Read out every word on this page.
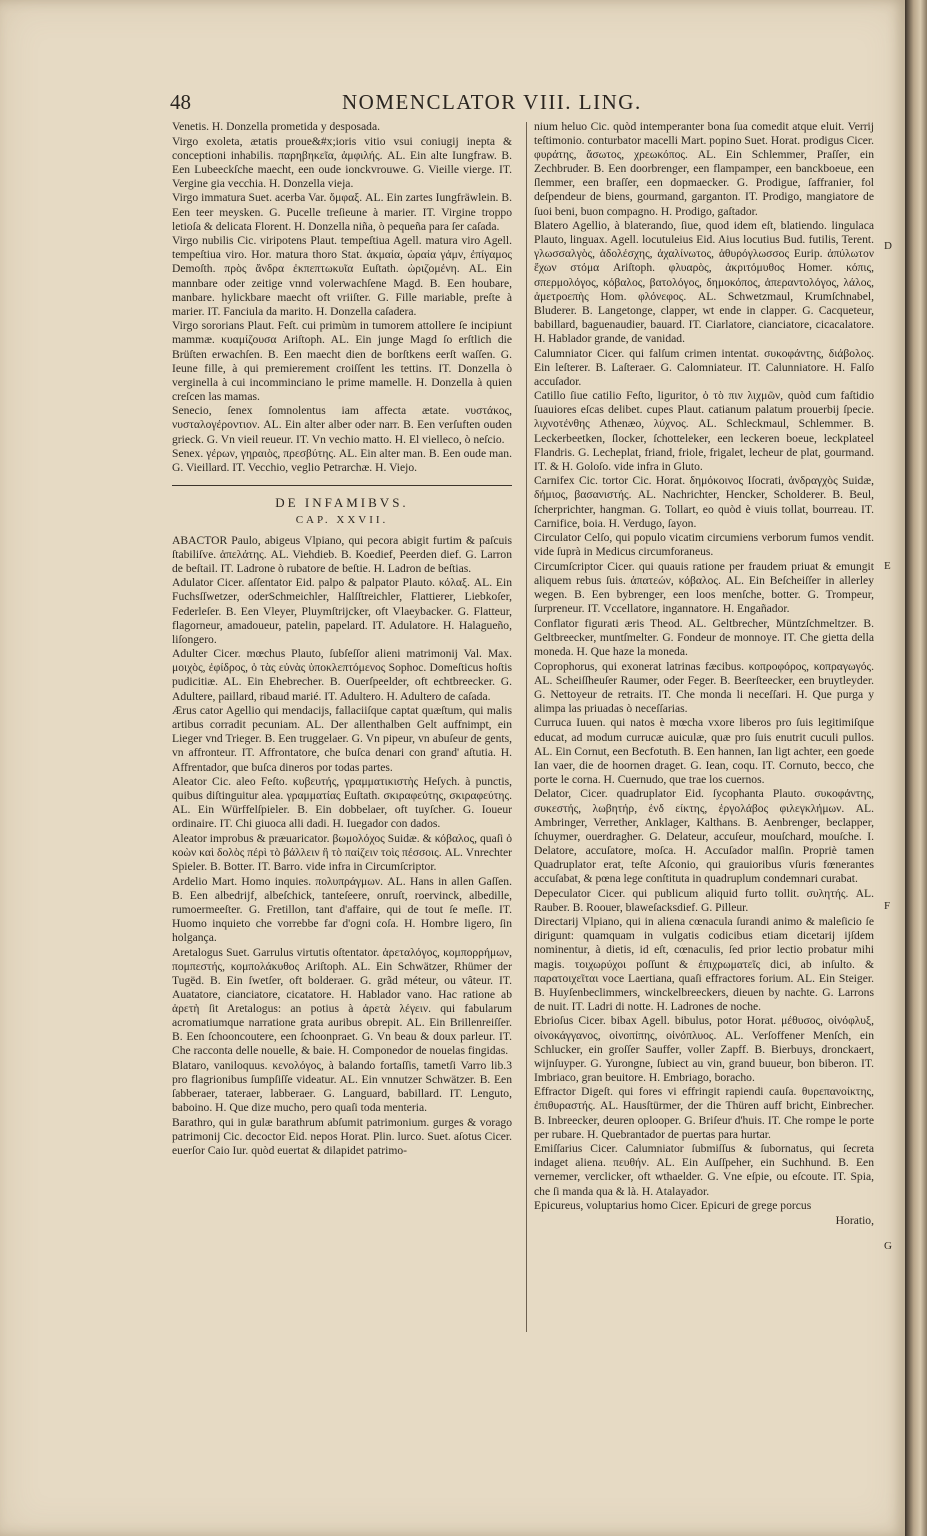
48	NOMENCLATOR VIII. LING.
Venetis. H. Donzella prometida y desposada.
Virgo exoleta, ætatis proue&#x;ioris vitio vsui coniugij inepta & conceptioni inhabilis. παρηβηκεῖα, ἀμφιλής. AL. Ein alte Iungfraw. B. Een Lubeeckſche maecht, een oude ionckvrouwe. G. Vieille vierge. IT. Vergine gia vecchia. H. Donzella vieja.
Virgo immatura Suet. acerba Var. ὄμφαξ. AL. Ein zartes Iungfräwlein. B. Een teer meysken. G. Pucelle treſieune à marier. IT. Virgine troppo letioſa & delicata Florent. H. Donzella niña, ò pequeña para ſer caſada.
Virgo nubilis Cic. viripotens Plaut. tempeſtiua Agell. matura viro Agell. tempeſtiua viro. Hor. matura thoro Stat. ἀκμαία, ὡραία γάμν, ἐπίγαμος Demoſth. πρὸς ἄνδρα ἐκπεπτωκυῖα Euſtath. ὡριζομένη. AL. Ein mannbare oder zeitige vnnd volerwachſene Magd. B. Een houbare, manbare. hylickbare maecht oft vriiſter. G. Fille mariable, preſte à marier. IT. Fanciula da marito. H. Donzella caſadera.
Virgo sororians Plaut. Feſt. cui primùm in tumorem attollere ſe incipiunt mammæ. κυαμίζουσα Ariſtoph. AL. Ein junge Magd ſo erſtlich die Brüſten erwachſen. B. Een maecht dien de borſtkens eerſt waſſen. G. Ieune fille, à qui premierement croiſſent les tettins. IT. Donzella ò verginella à cui incomminciano le prime mamelle. H. Donzella à quien creſcen las mamas.
Senecio, ſenex ſomnolentus iam affecta ætate. νυστάκος, νυσταλογέροντιον. AL. Ein alter alber oder narr. B. Een verſuften ouden grieck. G. Vn vieil reueur. IT. Vn vechio matto. H. El vielleco, ò neſcio.
Senex. γέρων, γηραιὸς, πρεσβύτης. AL. Ein alter man. B. Een oude man. G. Vieillard. IT. Vecchio, veglio Petrarchæ. H. Viejo.
DE INFAMIBVS.
CAP. XXVII.
ABACTOR Paulo, abigeus Vlpiano, qui pecora abigit furtim & paſcuis ſtabiliſve. ἀπελάτης. AL. Viehdieb. B. Koedief, Peerden dief. G. Larron de beſtail. IT. Ladrone ò rubatore de beſtie. H. Ladron de beſtias.
Adulator Cicer. aſſentator Eid. palpo & palpator Plauto. κόλαξ. AL. Ein Fuchsſſwetzer, oderSchmeichler, Halſſtreichler, Flattierer, Liebkoſer, Federleſer. B. Een Vleyer, Pluymſtrijcker, oft Vlaeybacker. G. Flatteur, flagorneur, amadoueur, patelin, papelard. IT. Adulatore. H. Halagueño, liſongero.
Adulter Cicer. mœchus Plauto, ſubſeſſor alieni matrimonij Val. Max. μοιχὸς, ἐφίδρος, ὁ τὰς εὐνὰς ὑποκλεπτόμενος Sophoc. Domeſticus hoſtis pudicitiæ. AL. Ein Ehebrecher. B. Ouerſpeelder, oft echtbreecker. G. Adultere, paillard, ribaud marié. IT. Adultero. H. Adultero de caſada.
Ærus cator Agellio qui mendacijs, fallaciiſque captat quæſtum, qui malis artibus corradit pecuniam. AL. Der allenthalben Gelt auffnimpt, ein Lieger vnd Trieger. B. Een truggelaer. G. Vn pipeur, vn abuſeur de gents, vn affronteur. IT. Affrontatore, che buſca denari con grand' aſtutia. H. Affrentador, que buſca dineros por todas partes.
Aleator Cic. aleo Feſto. κυβευτής, γραμματικιστὴς Heſych. à punctis, quibus diſtinguitur alea. γραμματίας Euſtath. σκιραφεύτης, σκιραφεύτης. AL. Ein Würffelſpieler. B. Ein dobbelaer, oft tuyſcher. G. Ioueur ordinaire. IT. Chi giuoca alli dadi. H. Iuegador con dados.
Aleator improbus & præuaricator. βωμολόχος Suidæ. & κόβαλος, quaſi ὁ κοὼν καὶ δολὸς πέρὶ τὸ βάλλειν ἢ τὸ παίζειν τοὶς πέσσοις. AL. Vnrechter Spieler. B. Botter. IT. Barro. vide infra in Circumſcriptor.
Ardelio Mart. Homo inquies. πολυπράγμων. AL. Hans in allen Gaſſen. B. Een albedrijf, albeſchick, tanteſeere, onruſt, roervinck, albedille, rumoermeeſter. G. Fretillon, tant d'affaire, qui de tout ſe meſle. IT. Huomo inquieto che vorrebbe far d'ogni coſa. H. Hombre ligero, ſin holgança.
Aretalogus Suet. Garrulus virtutis oſtentator. ἀρεταλόγος, κομπορρήμων, πομπεστής, κομπολάκυθος Ariſtoph. AL. Ein Schwätzer, Rhümer der Tugëd. B. Ein ſwetſer, oft bolderaer. G. grãd méteur, ou vâteur. IT. Auatatore, cianciatore, cicatatore. H. Hablador vano. Hac ratione ab ἀρετὴ ſit Aretalogus: an potius à ἀρετὰ λέγειν. qui fabularum acromatiumque narratione grata auribus obrepit. AL. Ein Brillenreiſſer. B. Een ſchooncoutere, een ſchoonpraet. G. Vn beau & doux parleur. IT. Che racconta delle nouelle, & baie. H. Componedor de nouelas fingidas.
Blataro, vaniloquus. κενολόγος, à balando fortaſſis, tametſi Varro lib.3 pro flagrionibus ſumpſiſſe videatur. AL. Ein vnnutzer Schwätzer. B. Een ſabberaer, tateraer, labberaer. G. Languard, babillard. IT. Lenguto, baboino. H. Que dize mucho, pero quaſi toda menteria.
Barathro, qui in gulæ barathrum abſumit patrimonium. gurges & vorago patrimonij Cic. decoctor Eid. nepos Horat. Plin. lurco. Suet. aſotus Cicer. euerſor Caio Iur. quòd euertat & dilapidet patrimo-
nium heluo Cic. quòd intemperanter bona ſua comedit atque eluit. Verrij teſtimonio. conturbator macelli Mart. popino Suet. Horat. prodigus Cicer. φυράτης, ἄσωτος, χρεωκόπος. AL. Ein Schlemmer, Praſſer, ein Zechbruder. B. Een doorbrenger, een flampamper, een banckboeue, een ſlemmer, een braſſer, een dopmaecker. G. Prodigue, ſaffranier, fol deſpendeur de biens, gourmand, garganton. IT. Prodigo, mangiatore de ſuoi beni, buon compagno. H. Prodigo, gaſtador.
Blatero Agellio, à blaterando, ſiue, quod idem eſt, blatiendo. lingulaca Plauto, linguax. Agell. locutuleius Eid. Aius locutius Bud. futilis, Terent. γλωσσαλγὸς, ἀδολέσχης, ἀχαλίνωτος, ἀθυρόγλωσσος Eurip. ἀπύλωτον ἔχων στόμα Ariſtoph. φλυαρὸς, ἀκριτόμυθος Homer. κόπις, σπερμολόγος, κόβαλος, βατολόγος, δημοκόπος, ἀπεραντολόγος, λάλος, ἀμετροεπὴς Hom. φλόνεφος. AL. Schwetzmaul, Krumſchnabel, Bluderer. B. Langetonge, clapper, wt ende in clapper. G. Cacqueteur, babillard, baguenaudier, bauard. IT. Ciarlatore, cianciatore, cicacalatore. H. Hablador grande, de vanidad.
Calumniator Cicer. qui falſum crimen intentat. συκοφάντης, διάβολος. Ein leſterer. B. Laſteraer. G. Calomniateur. IT. Calunniatore. H. Falſo accuſador.
Catillo ſiue catilio Feſto, liguritor, ὁ τὸ πιν λιχμῶν, quòd cum faſtidio ſuauiores eſcas delibet. cupes Plaut. catianum palatum prouerbij ſpecie. λιχνοτένθης Athenæo, λύχνος. AL. Schleckmaul, Schlemmer. B. Leckerbeetken, ſlocker, ſchotteleker, een leckeren boeue, leckplateel Flandris. G. Lecheplat, friand, friole, frigalet, lecheur de plat, gourmand. IT. & H. Goloſo. vide infra in Gluto.
Carnifex Cic. tortor Cic. Horat. δημόκοινος Iſocrati, ἀνδραγχὸς Suidæ, δήμιος, βασανιστής. AL. Nachrichter, Hencker, Scholderer. B. Beul, ſcherprichter, hangman. G. Tollart, eo quòd è viuis tollat, bourreau. IT. Carnifice, boia. H. Verdugo, ſayon.
Circulator Celſo, qui populo vicatim circumiens verborum fumos vendit. vide ſuprà in Medicus circumforaneus.
Circumſcriptor Cicer. qui quauis ratione per fraudem priuat & emungit aliquem rebus ſuis. ἀπατεών, κόβαλος. AL. Ein Beſcheiſſer in allerley wegen. B. Een bybrenger, een loos menſche, botter. G. Trompeur, ſurpreneur. IT. Vccellatore, ingannatore. H. Engañador.
Conflator figurati æris Theod. AL. Geltbrecher, Müntzſchmeltzer. B. Geltbreecker, muntſmelter. G. Fondeur de monnoye. IT. Che gietta della moneda. H. Que haze la moneda.
Coprophorus, qui exonerat latrinas fæcibus. κοπροφόρος, κοπραγωγός. AL. Scheiſſheuſer Raumer, oder Feger. B. Beerſteecker, een bruytleyder. G. Nettoyeur de retraits. IT. Che monda li neceſſari. H. Que purga y alimpa las priuadas ò neceſſarias.
Curruca Iuuen. qui natos è mœcha vxore liberos pro ſuis legitimiſque educat, ad modum currucæ auiculæ, quæ pro ſuis enutrit cuculi pullos. AL. Ein Cornut, een Becfotuth. B. Een hannen, Ian ligt achter, een goede Ian vaer, die de hoornen draget. G. Iean, coqu. IT. Cornuto, becco, che porte le corna. H. Cuernudo, que trae los cuernos.
Delator, Cicer. quadruplator Eid. ſycophanta Plauto. συκοφάντης, συκεστής, λωβητήρ, ἐνδ είκτης, ἐργολάβος φιλεγκλήμων. AL. Ambringer, Verrether, Anklager, Kalthans. B. Aenbrenger, beclapper, ſchuymer, ouerdragher. G. Delateur, accuſeur, mouſchard, mouſche. I. Delatore, accuſatore, moſca. H. Accuſador malſin. Propriè tamen Quadruplator erat, teſte Aſconio, qui grauioribus vſuris fœnerantes accuſabat, & pœna lege conſtituta in quadruplum condemnari curabat.
Depeculator Cicer. qui publicum aliquid furto tollit. συλητής. AL. Rauber. B. Roouer, blaweſacksdief. G. Pilleur.
Directarij Vlpiano, qui in aliena cœnacula ſurandi animo & maleſicio ſe dirigunt: quamquam in vulgatis codicibus etiam dicetarij ijſdem nominentur, à dietis, id eſt, cœnaculis, ſed prior lectio probatur mihi magis. τοιχωρύχοι poſſunt & ἐπιχρωματεῖς dici, ab inſulto. & παρατοιχεῖται voce Laertiana, quaſi effractores forium. AL. Ein Steiger. B. Huyſenbeclimmers, winckelbreeckers, dieuen by nachte. G. Larrons de nuit. IT. Ladri di notte. H. Ladrones de noche.
Ebrioſus Cicer. bibax Agell. bibulus, potor Horat. μέθυσος, οἰνόφλυξ, οἰνοκάγγανος, οἰνοπίπης, οἰνόπλυος. AL. Verſoffener Menſch, ein Schlucker, ein groſſer Sauffer, voller Zapff. B. Bierbuys, dronckaert, wijnſuyper. G. Yurongne, ſubiect au vin, grand buueur, bon biberon. IT. Imbriaco, gran beuitore. H. Embriago, boracho.
Effractor Digeſt. qui fores vi effringit rapiendi cauſa. θυρεπανοίκτης, ἐπιθυραστής. AL. Hausſtürmer, der die Thüren auff bricht, Einbrecher. B. Inbreecker, deuren oplooper. G. Briſeur d'huis. IT. Che rompe le porte per rubare. H. Quebrantador de puertas para hurtar.
Emiſſarius Cicer. Calumniator ſubmiſſus & ſubornatus, qui ſecreta indaget aliena. πευθήν. AL. Ein Auſſpeher, ein Suchhund. B. Een vernemer, verclicker, oft wthaelder. G. Vne eſpie, ou eſcoute. IT. Spia, che ſi manda qua & là. H. Atalayador.
Epicureus, voluptarius homo Cicer. Epicuri de grege porcus
Horatio,
D
E
F
G
